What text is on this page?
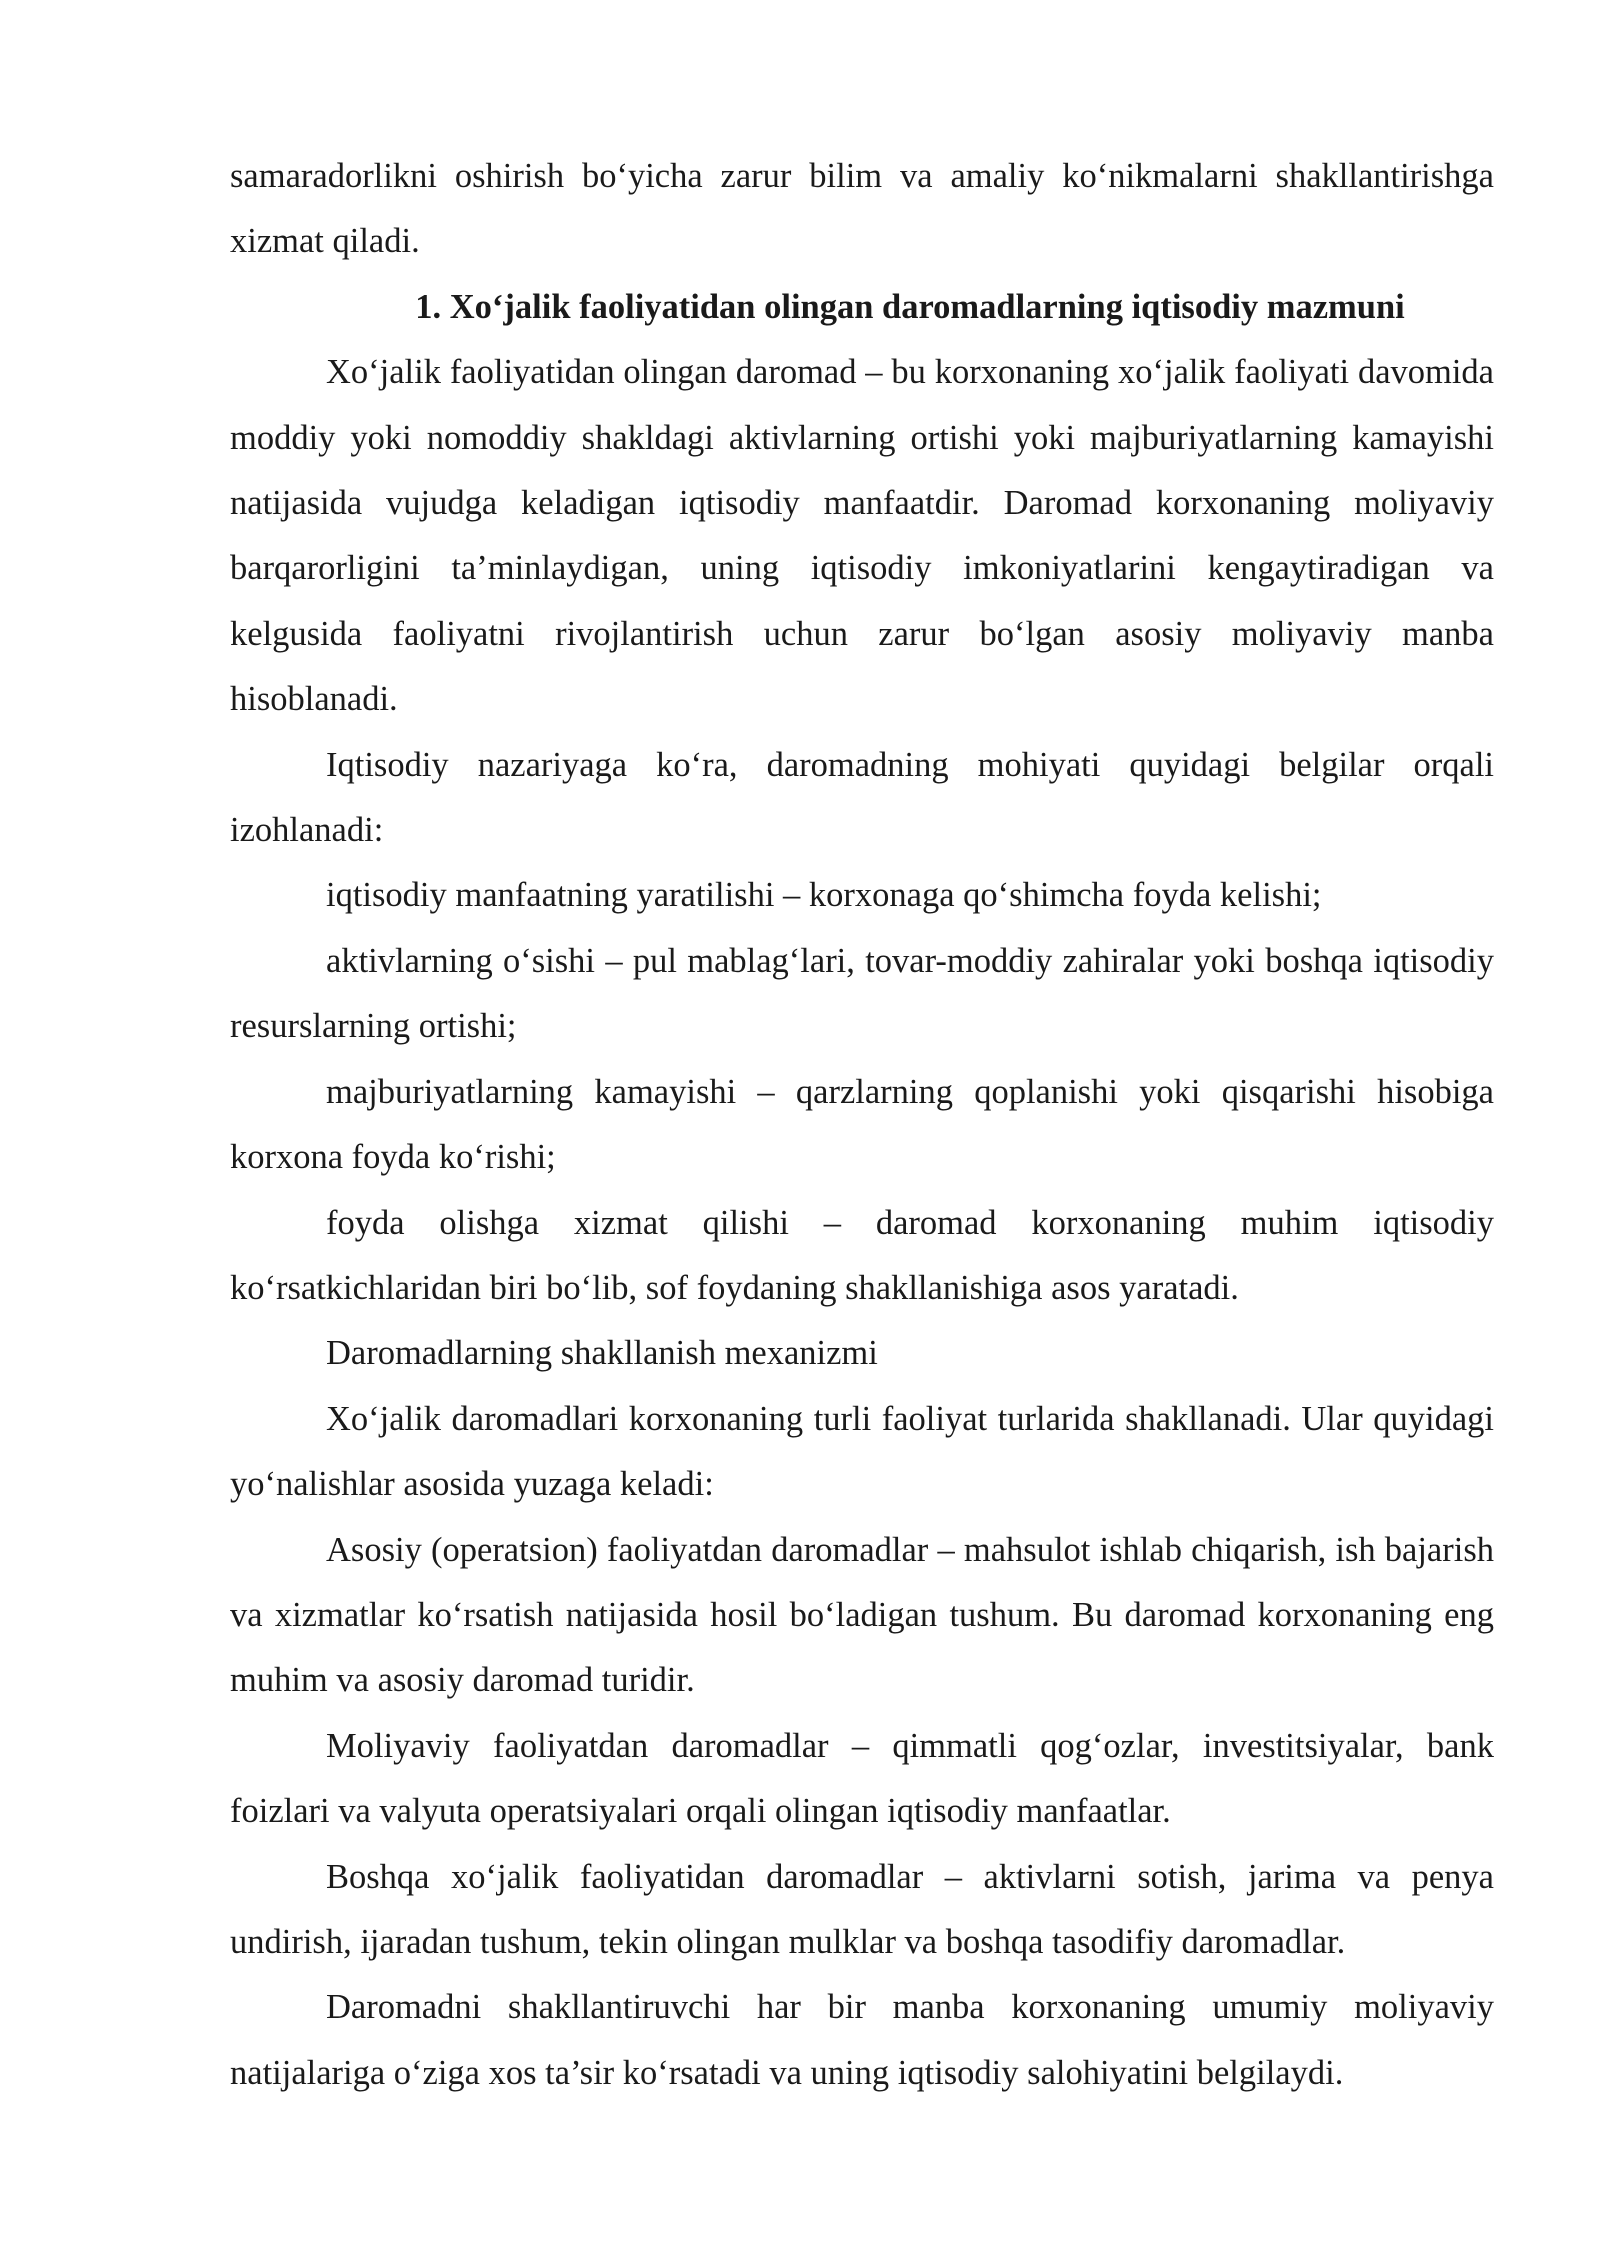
samaradorlikni oshirish bo‘yicha zarur bilim va amaliy ko‘nikmalarni shakllantirishga xizmat qiladi.

1. Xo‘jalik faoliyatidan olingan daromadlarning iqtisodiy mazmuni

Xo‘jalik faoliyatidan olingan daromad – bu korxonaning xo‘jalik faoliyati davomida moddiy yoki nomoddiy shakldagi aktivlarning ortishi yoki majburiyatlarning kamayishi natijasida vujudga keladigan iqtisodiy manfaatdir. Daromad korxonaning moliyaviy barqarorligini ta’minlaydigan, uning iqtisodiy imkoniyatlarini kengaytiradigan va kelgusida faoliyatni rivojlantirish uchun zarur bo‘lgan asosiy moliyaviy manba hisoblanadi.

Iqtisodiy nazariyaga ko‘ra, daromadning mohiyati quyidagi belgilar orqali izohlanadi:

iqtisodiy manfaatning yaratilishi – korxonaga qo‘shimcha foyda kelishi;

aktivlarning o‘sishi – pul mablag‘lari, tovar-moddiy zahiralar yoki boshqa iqtisodiy resurslarning ortishi;

majburiyatlarning kamayishi – qarzlarning qoplanishi yoki qisqarishi hisobiga korxona foyda ko‘rishi;

foyda olishga xizmat qilishi – daromad korxonaning muhim iqtisodiy ko‘rsatkichlaridan biri bo‘lib, sof foydaning shakllanishiga asos yaratadi.

Daromadlarning shakllanish mexanizmi

Xo‘jalik daromadlari korxonaning turli faoliyat turlarida shakllanadi. Ular quyidagi yo‘nalishlar asosida yuzaga keladi:

Asosiy (operatsion) faoliyatdan daromadlar – mahsulot ishlab chiqarish, ish bajarish va xizmatlar ko‘rsatish natijasida hosil bo‘ladigan tushum. Bu daromad korxonaning eng muhim va asosiy daromad turidir.

Moliyaviy faoliyatdan daromadlar – qimmatli qog‘ozlar, investitsiyalar, bank foizlari va valyuta operatsiyalari orqali olingan iqtisodiy manfaatlar.

Boshqa xo‘jalik faoliyatidan daromadlar – aktivlarni sotish, jarima va penya undirish, ijaradan tushum, tekin olingan mulklar va boshqa tasodifiy daromadlar.

Daromadni shakllantiruvchi har bir manba korxonaning umumiy moliyaviy natijalariga o‘ziga xos ta’sir ko‘rsatadi va uning iqtisodiy salohiyatini belgilaydi.
